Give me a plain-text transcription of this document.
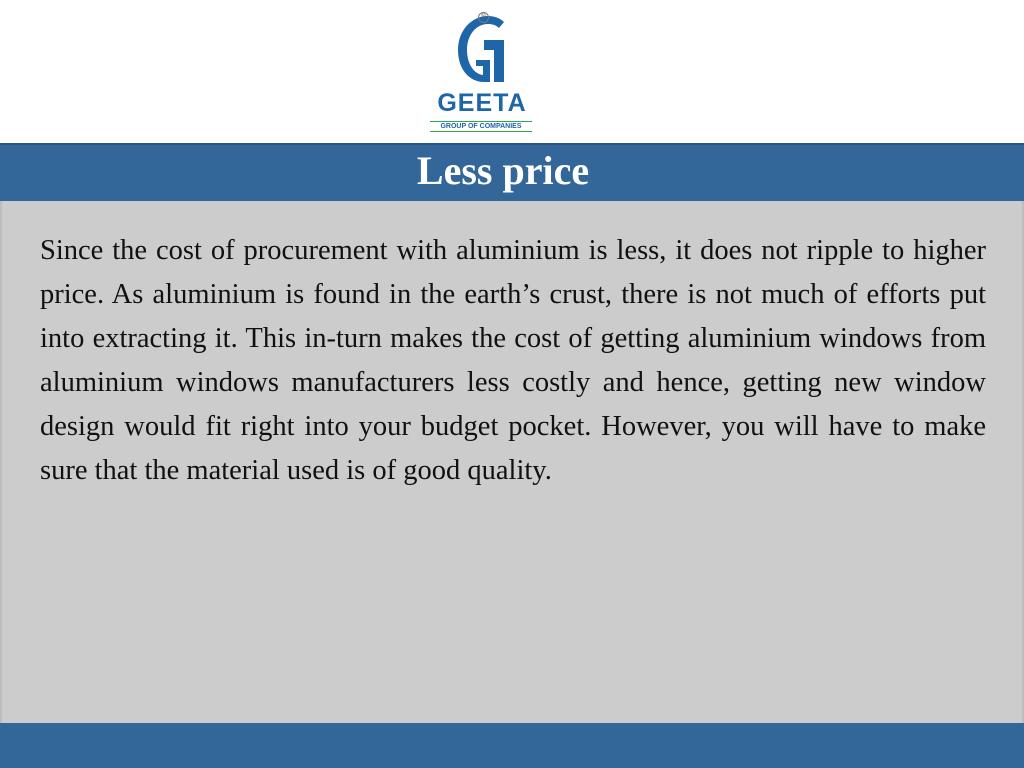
®
GEETA
GROUP OF COMPANIES
Less price

Since the cost of procurement with aluminium is less, it does not ripple to higher price. As aluminium is found in the earth’s crust, there is not much of efforts put into extracting it. This in-turn makes the cost of getting aluminium windows from aluminium windows manufacturers less costly and hence, getting new window design would fit right into your budget pocket. However, you will have to make sure that the material used is of good quality.
